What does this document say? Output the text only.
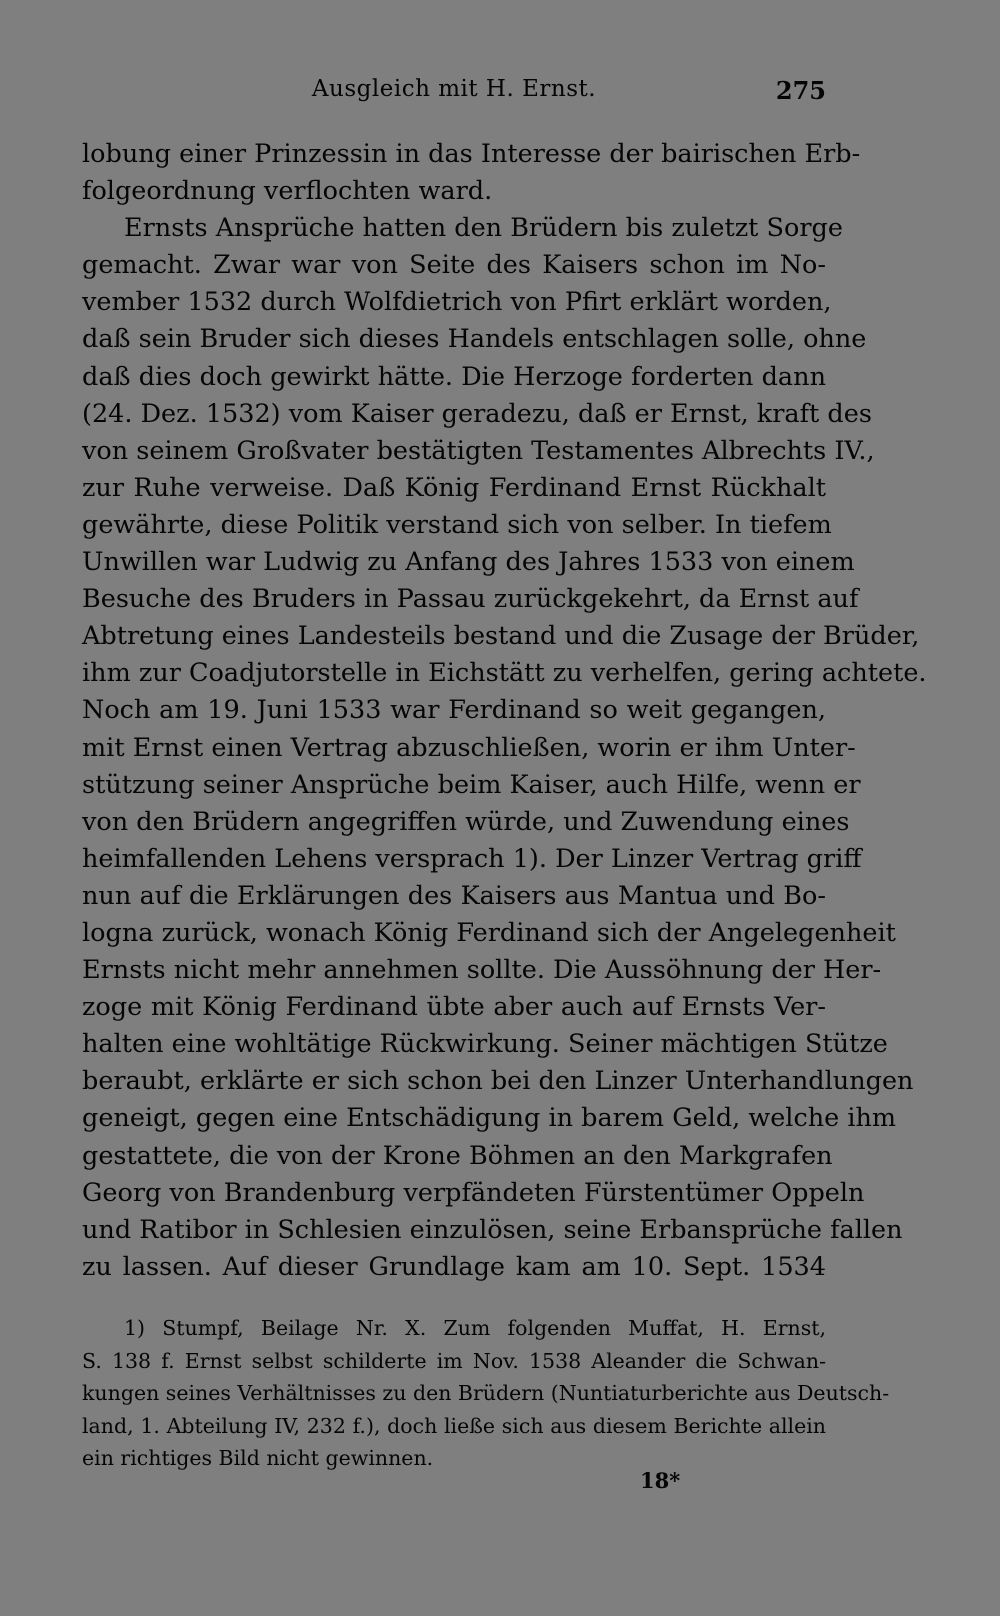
Ausgleich mit H. Ernst.	275
lobung einer Prinzessin in das Interesse der bairischen Erb-
folgeordnung verflochten ward.
Ernsts Ansprüche hatten den Brüdern bis zuletzt Sorge
gemacht. Zwar war von Seite des Kaisers schon im No-
vember 1532 durch Wolfdietrich von Pfirt erklärt worden,
daß sein Bruder sich dieses Handels entschlagen solle, ohne
daß dies doch gewirkt hätte. Die Herzoge forderten dann
(24. Dez. 1532) vom Kaiser geradezu, daß er Ernst, kraft des
von seinem Großvater bestätigten Testamentes Albrechts IV.,
zur Ruhe verweise. Daß König Ferdinand Ernst Rückhalt
gewährte, diese Politik verstand sich von selber. In tiefem
Unwillen war Ludwig zu Anfang des Jahres 1533 von einem
Besuche des Bruders in Passau zurückgekehrt, da Ernst auf
Abtretung eines Landesteils bestand und die Zusage der Brüder,
ihm zur Coadjutorstelle in Eichstätt zu verhelfen, gering achtete.
Noch am 19. Juni 1533 war Ferdinand so weit gegangen,
mit Ernst einen Vertrag abzuschließen, worin er ihm Unter-
stützung seiner Ansprüche beim Kaiser, auch Hilfe, wenn er
von den Brüdern angegriffen würde, und Zuwendung eines
heimfallenden Lehens versprach 1). Der Linzer Vertrag griff
nun auf die Erklärungen des Kaisers aus Mantua und Bo-
logna zurück, wonach König Ferdinand sich der Angelegenheit
Ernsts nicht mehr annehmen sollte. Die Aussöhnung der Her-
zoge mit König Ferdinand übte aber auch auf Ernsts Ver-
halten eine wohltätige Rückwirkung. Seiner mächtigen Stütze
beraubt, erklärte er sich schon bei den Linzer Unterhandlungen
geneigt, gegen eine Entschädigung in barem Geld, welche ihm
gestattete, die von der Krone Böhmen an den Markgrafen
Georg von Brandenburg verpfändeten Fürstentümer Oppeln
und Ratibor in Schlesien einzulösen, seine Erbansprüche fallen
zu lassen. Auf dieser Grundlage kam am 10. Sept. 1534
1) Stumpf, Beilage Nr. X. Zum folgenden Muffat, H. Ernst,
S. 138 f. Ernst selbst schilderte im Nov. 1538 Aleander die Schwan-
kungen seines Verhältnisses zu den Brüdern (Nuntiaturberichte aus Deutsch-
land, 1. Abteilung IV, 232 f.), doch ließe sich aus diesem Berichte allein
ein richtiges Bild nicht gewinnen.
18*
